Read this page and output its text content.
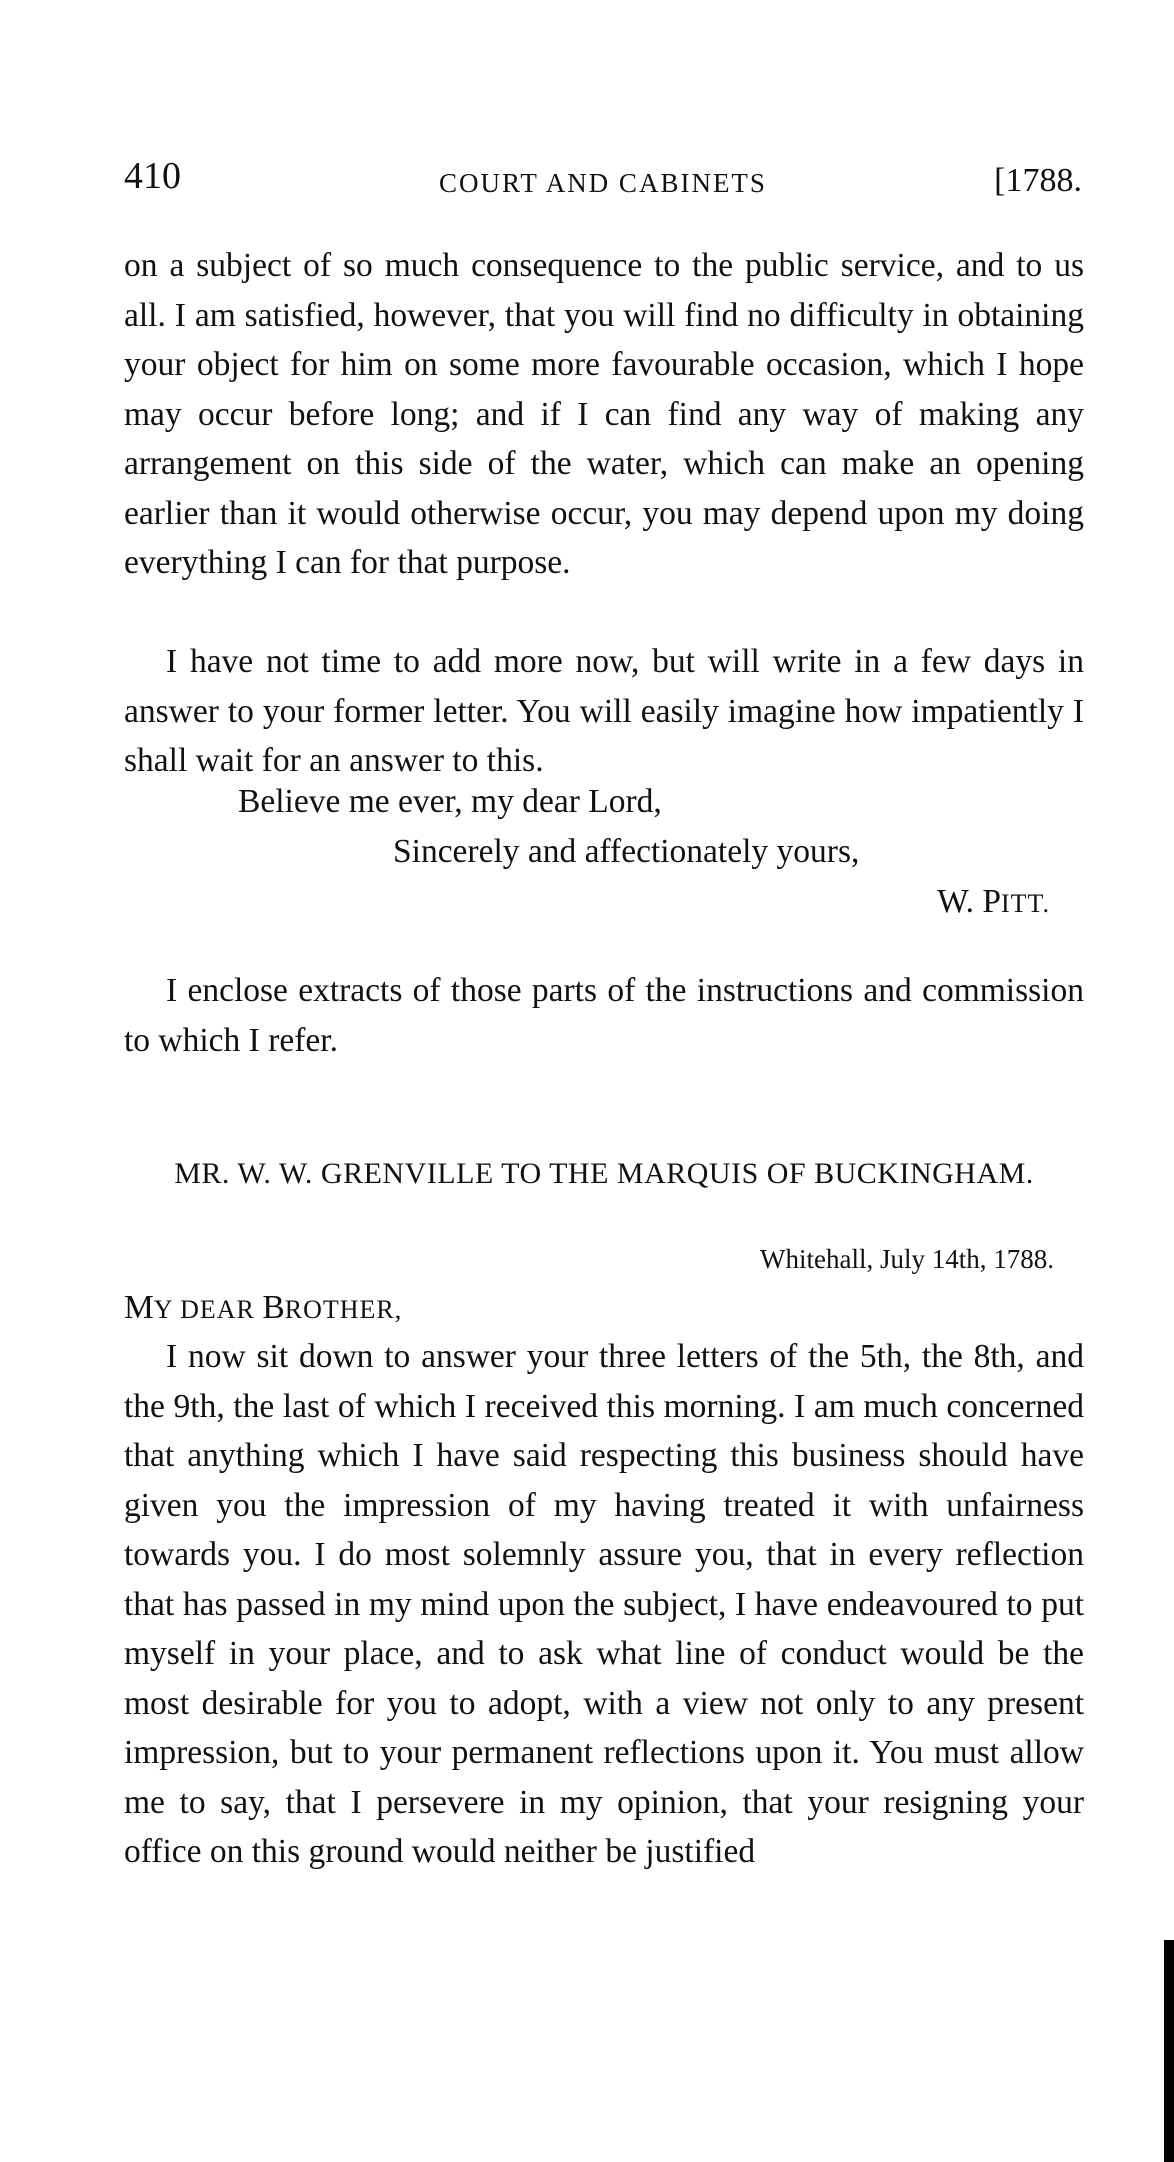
410	COURT AND CABINETS	[1788.

on a subject of so much consequence to the public service, and to us all. I am satisfied, however, that you will find no difficulty in obtaining your object for him on some more favourable occasion, which I hope may occur before long; and if I can find any way of making any arrangement on this side of the water, which can make an opening earlier than it would otherwise occur, you may depend upon my doing everything I can for that purpose.

I have not time to add more now, but will write in a few days in answer to your former letter. You will easily imagine how impatiently I shall wait for an answer to this.

Believe me ever, my dear Lord,
Sincerely and affectionately yours,
W. PITT.

I enclose extracts of those parts of the instructions and commission to which I refer.

MR. W. W. GRENVILLE TO THE MARQUIS OF BUCKINGHAM.
Whitehall, July 14th, 1788.
MY DEAR BROTHER,

I now sit down to answer your three letters of the 5th, the 8th, and the 9th, the last of which I received this morning. I am much concerned that anything which I have said respecting this business should have given you the impression of my having treated it with unfairness towards you. I do most solemnly assure you, that in every reflection that has passed in my mind upon the subject, I have endeavoured to put myself in your place, and to ask what line of conduct would be the most desirable for you to adopt, with a view not only to any present impression, but to your permanent reflections upon it. You must allow me to say, that I persevere in my opinion, that your resigning your office on this ground would neither be justified
